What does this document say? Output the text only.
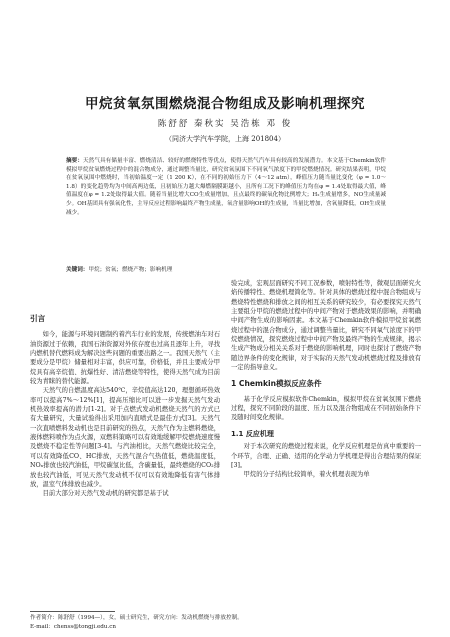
甲烷贫氧氛围燃烧混合物组成及影响机理探究
陈舒舒 秦秋实 吴浩栋 邓 俊
（同济大学汽车学院，上海 201804）
摘要：天然气具有储量丰富、燃烧清洁、较好的燃烧特性等优点，使得天然气汽车具有较高的发展潜力。本文基于Chemkin软件模拟甲烷贫氧燃烧过程中的混合物成分，通过调整当量比，研究贫氧氛围下不同氧气浓度下的甲烷燃烧情况。研究结果表明，甲烷在贫氧氛围中燃烧时，当初始温度一定（1 200 K），在不同的初始压力下（4～12 atm），峰值压力随当量比变化（φ = 1.0～1.8）的变化趋势均为中间高两边低，且初始压力越大爆燃隔膜距越小，且所有工况下的峰值压力均在φ = 1.4处取得最大值，峰值温度在φ = 1.2处取得最大值。随着当量比增大CO生成量增加，且点最终的碳氧化物比例增大；H₂生成量增多，NO生成量减少。OH基团具有强氧化性，主导反应过程影响最终产物生成量，氧含量影响OH的生成量，当量比增加，含氧量降低，OH生成量减少。
关键词：甲烷；贫氧；燃烧产物；影响机理
引言

如今，能源与环境问题制约着汽车行业的发展，传统燃油车对石油资源过于依赖，我国石油资源对外依存度也过高且逐年上升，寻找内燃机替代燃料成为解决这些问题的重要出路之一。我国天然气（主要成分是甲烷）储量相对丰富，供应可靠，价格低，并且主要成分甲烷具有高辛烷值、抗爆性好、清洁燃烧等特性，使得天然气成为目前较为青睐的替代能源。

天然气的自燃温度高达540℃，辛烷值高达120，理想循环热效率可以提高7%～12%[1]，提高压缩比可以进一步发掘天然气发动机热效率提高的潜力[1-2]。对于点燃式发动机燃烧天然气的方式已有大量研究，大量试验得出采用加内直喷式是最佳方式[3]。天然气一次直喷燃料发动机也是目前研究的热点，天然气作为主燃料燃烧，液体燃料喷作为点火源，双燃料策略可以有效地缓解甲烷燃烧速度慢及燃烧不稳定性等问题[3-4]。与汽油相比，天然气燃烧比较完全，可以有效降低CO、HC排放，天然气混合气热值低，燃烧温度低，NOₓ排放也较汽油低，甲烷碳氢比低，含碳量低，最终燃烧的CO₂排放也较汽油低，可见天然气发动机不仅可以有效地降低有害气体排放，温室气体排放也减少。

目前大部分对天然气发动机的研究都是基于试

验完成，宏观层面研究不同工况参数，喷射特性等，微观层面研究火焰传播特性、燃烧机理简化等。针对具体的燃烧过程中混合物组成与燃烧特性燃烧和排放之间的相互关系的研究较少，有必要探究天然气主要组分甲烷的燃烧过程中的中间产物对于燃烧效果的影响，并明确中间产物生成的影响因素。本文基于Chemkin软件模拟甲烷贫氧燃烧过程中的混合物成分，通过调整当量比，研究不同氧气浓度下的甲烷燃烧情况，探究燃烧过程中中间产物及最终产物的生成规律，揭示生成产物成分相关关系对于燃烧的影响机理，同时也探讨了燃烧产物随边界条件的变化规律，对于实际的天然气发动机燃烧过程及排放有一定的指导意义。

1 Chemkin模拟反应条件

基于化学反应模拟软件Chemkin，模拟甲烷在贫氧氛围下燃烧过程，探究不同阶段的温度、压力以及混合物组成在不同初始条件下及随时间变化规律。

1.1 反应机理

对于本次研究的燃烧过程来说，化学反应机理是仿真中重要的一个环节，合理、正确、适用的化学动力学机理是得出合理结果的保证[3]。

甲烷的分子结构比较简单，着火机理表现为单

作者简介：陈舒舒（1994—），女，硕士研究生，研究方向：发动机燃烧与排放控制。
E-mail：chenss@tongji.edu.cn
